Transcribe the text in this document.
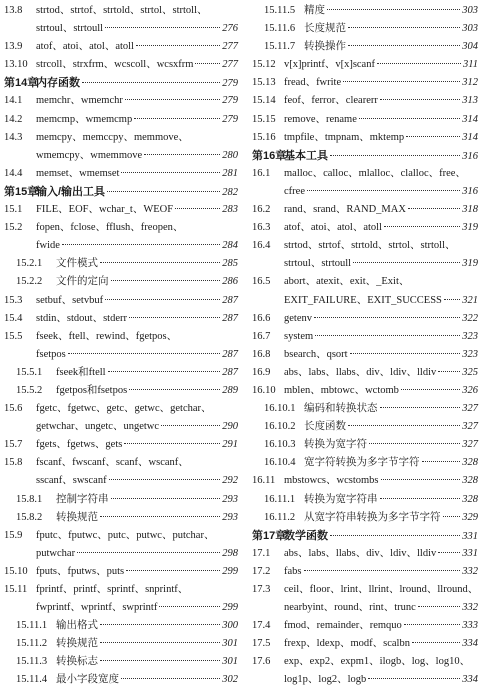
13.8 strtod、strtof、strtold、strtol、strtoll、
strtoul、strtoull	276
13.9 atof、atoi、atol、atoll	277
13.10 strcoll、strxfrm、wcscoll、wcsxfrm	277
第14章
内存函数	279
14.1 memchr、wmemchr	279
14.2 memcmp、wmemcmp	279
14.3 memcpy、memccpy、memmove、
wmemcpy、wmemmove	280
14.4 memset、wmemset	281
第15章
输入/输出工具	282
15.1 FILE、EOF、wchar_t、WEOF	283
15.2 fopen、fclose、fflush、freopen、
fwide	284
15.2.1 文件模式	285
15.2.2 文件的定向	286
15.3 setbuf、setvbuf	287
15.4 stdin、stdout、stderr	287
15.5 fseek、ftell、rewind、fgetpos、
fsetpos	287
15.5.1 fseek和ftell	287
15.5.2 fgetpos和fsetpos	289
15.6 fgetc、fgetwc、getc、getwc、getchar、
getwchar、ungetc、ungetwc	290
15.7 fgets、fgetws、gets	291
15.8 fscanf、fwscanf、scanf、wscanf、
sscanf、swscanf	292
15.8.1 控制字符串	293
15.8.2 转换规范	293
15.9 fputc、fputwc、putc、putwc、putchar、
putwchar	298
15.10 fputs、fputws、puts	299
15.11 fprintf、printf、sprintf、snprintf、
fwprintf、wprintf、swprintf	299
15.11.1 输出格式	300
15.11.2 转换规范	301
15.11.3 转换标志	301
15.11.4 最小字段宽度	302
15.11.5 精度	303
15.11.6 长度规范	303
15.11.7 转换操作	304
15.12 v[x]printf、v[x]scanf	311
15.13 fread、fwrite	312
15.14 feof、ferror、clearerr	313
15.15 remove、rename	314
15.16 tmpfile、tmpnam、mktemp	314
第16章
基本工具	316
16.1 malloc、calloc、mlalloc、clalloc、free、
cfree	316
16.2 rand、srand、RAND_MAX	318
16.3 atof、atoi、atol、atoll	319
16.4 strtod、strtof、strtold、strtol、strtoll、
strtoul、strtoull	319
16.5 abort、atexit、exit、_Exit、
EXIT_FAILURE、EXIT_SUCCESS 321
16.6 getenv	322
16.7 system	323
16.8 bsearch、qsort	323
16.9 abs、labs、llabs、div、ldiv、lldiv 325
16.10 mblen、mbtowc、wctomb	326
16.10.1 编码和转换状态	327
16.10.2 长度函数	327
16.10.3 转换为宽字符	327
16.10.4 宽字符转换为多字节字符	328
16.11 mbstowcs、wcstombs	328
16.11.1 转换为宽字符串	328
16.11.2 从宽字符串转换为多字节字符 329
第17章
数学函数	331
17.1 abs、labs、llabs、div、ldiv、lldiv 331
17.2 fabs	332
17.3 ceil、floor、lrint、llrint、lround、llround、
nearbyint、round、rint、trunc	332
17.4 fmod、remainder、remquo	333
17.5 frexp、ldexp、modf、scalbn	334
17.6 exp、exp2、expm1、ilogb、log、log10、
log1p、log2、logb	334
